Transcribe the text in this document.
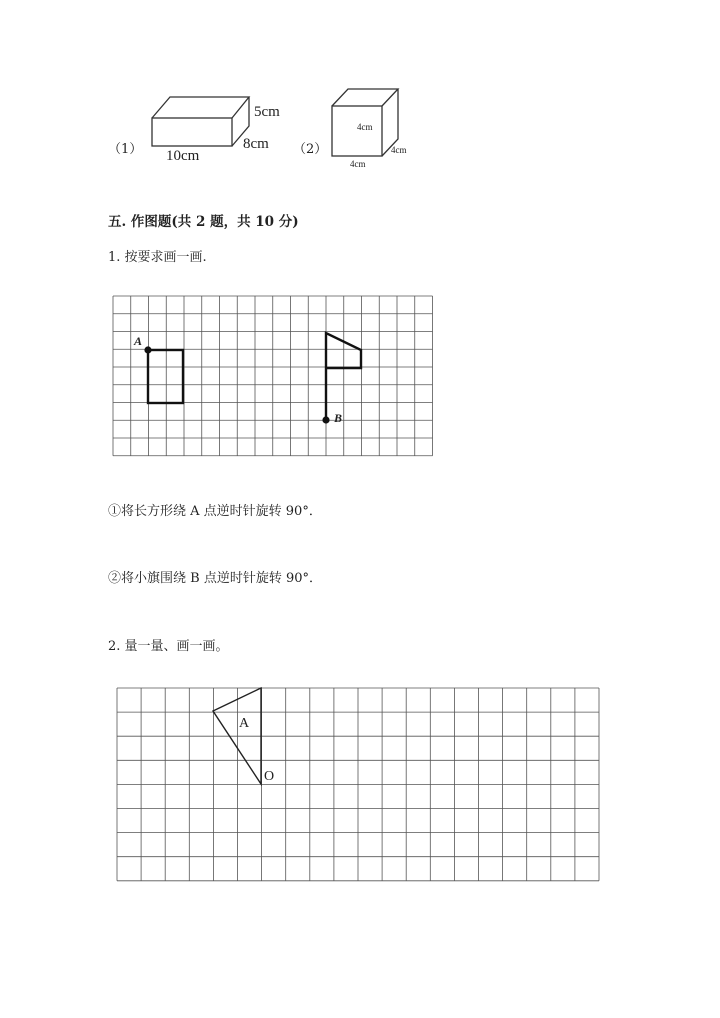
（1）
5cm
8cm
10cm	（2）
4cm
4cm
4cm
五. 作图题(共 2 题，共 10 分)
1. 按要求画一画.
A
B
①将长方形绕 A 点逆时针旋转 90°．
②将小旗围绕 B 点逆时针旋转 90°．
2. 量一量、画一画。
A
O
